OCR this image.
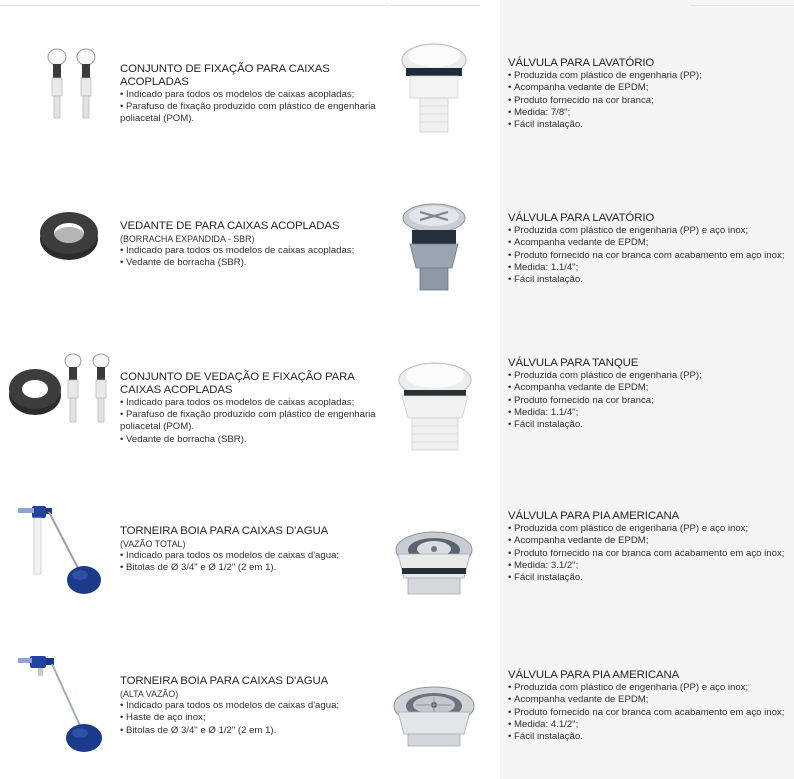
CONJUNTO DE FIXAÇÃO PARA CAIXAS ACOPLADAS
• Indicado para todos os modelos de caixas acopladas;
• Parafuso de fixação produzido com plástico de engenharia poliacetal (POM).
VEDANTE DE PARA CAIXAS ACOPLADAS
(BORRACHA EXPANDIDA - SBR)
• Indicado para todos os modelos de caixas acopladas;
• Vedante de borracha (SBR).
CONJUNTO DE VEDAÇÃO E FIXAÇÃO PARA CAIXAS ACOPLADAS
• Indicado para todos os modelos de caixas acopladas;
• Parafuso de fixação produzido com plástico de engenharia poliacetal (POM).
• Vedante de borracha (SBR).
TORNEIRA BOIA PARA CAIXAS D'AGUA
(VAZÃO TOTAL)
• Indicado para todos os modelos de caixas d'agua;
• Bitolas de Ø 3/4" e Ø 1/2" (2 em 1).
TORNEIRA BOIA PARA CAIXAS D'AGUA
(ALTA VAZÃO)
• Indicado para todos os modelos de caixas d'agua;
• Haste de aço inox;
• Bitolas de Ø 3/4" e Ø 1/2" (2 em 1).
VÁLVULA PARA LAVATÓRIO
• Produzida com plástico de engenharia (PP);
• Acompanha vedante de EPDM;
• Produto fornecido na cor branca;
• Medida: 7/8";
• Fácil instalação.
VÁLVULA PARA LAVATÓRIO
• Produzida com plástico de engenharia (PP) e aço inox;
• Acompanha vedante de EPDM;
• Produto fornecido na cor branca com acabamento em aço inox;
• Medida: 1.1/4";
• Fácil instalação.
VÁLVULA PARA TANQUE
• Produzida com plástico de engenharia (PP);
• Acompanha vedante de EPDM;
• Produto fornecido na cor branca;
• Medida: 1.1/4";
• Fácil instalação.
VÁLVULA PARA PIA AMERICANA
• Produzida com plástico de engenharia (PP) e aço inox;
• Acompanha vedante de EPDM;
• Produto fornecido na cor branca com acabamento em aço inox;
• Medida: 3.1/2";
• Fácil instalação.
VÁLVULA PARA PIA AMERICANA
• Produzida com plástico de engenharia (PP) e aço inox;
• Acompanha vedante de EPDM;
• Produto fornecido na cor branca com acabamento em aço inox;
• Medida: 4.1/2";
• Fácil instalação.
